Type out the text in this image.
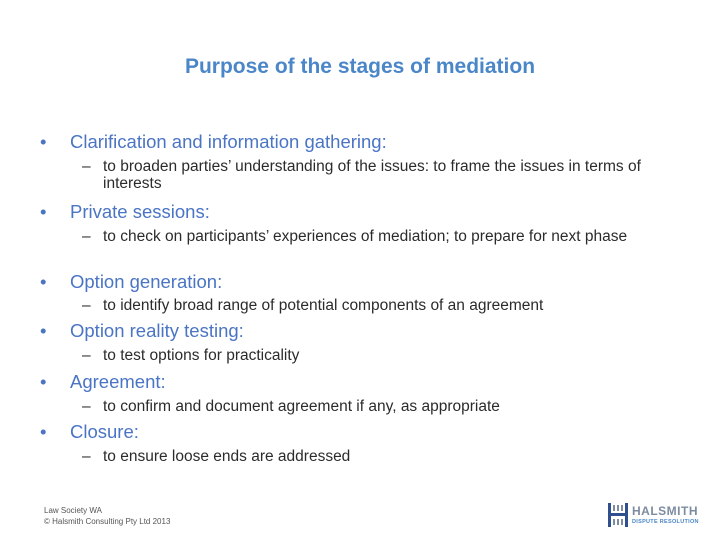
Purpose of the stages of mediation
•	Clarification and information gathering:
– to broaden parties’ understanding of the issues: to frame the issues in terms of interests
•	Private sessions:
– to check on participants’ experiences of mediation; to prepare for next phase
•	Option generation:
– to identify broad range of potential components of an agreement
•	Option reality testing:
– to test options for practicality
•	Agreement:
– to confirm and document agreement if any, as appropriate
•	Closure:
– to ensure loose ends are addressed
Law Society WA
© Halsmith Consulting Pty Ltd 2013
HALSMITH
DISPUTE RESOLUTION
